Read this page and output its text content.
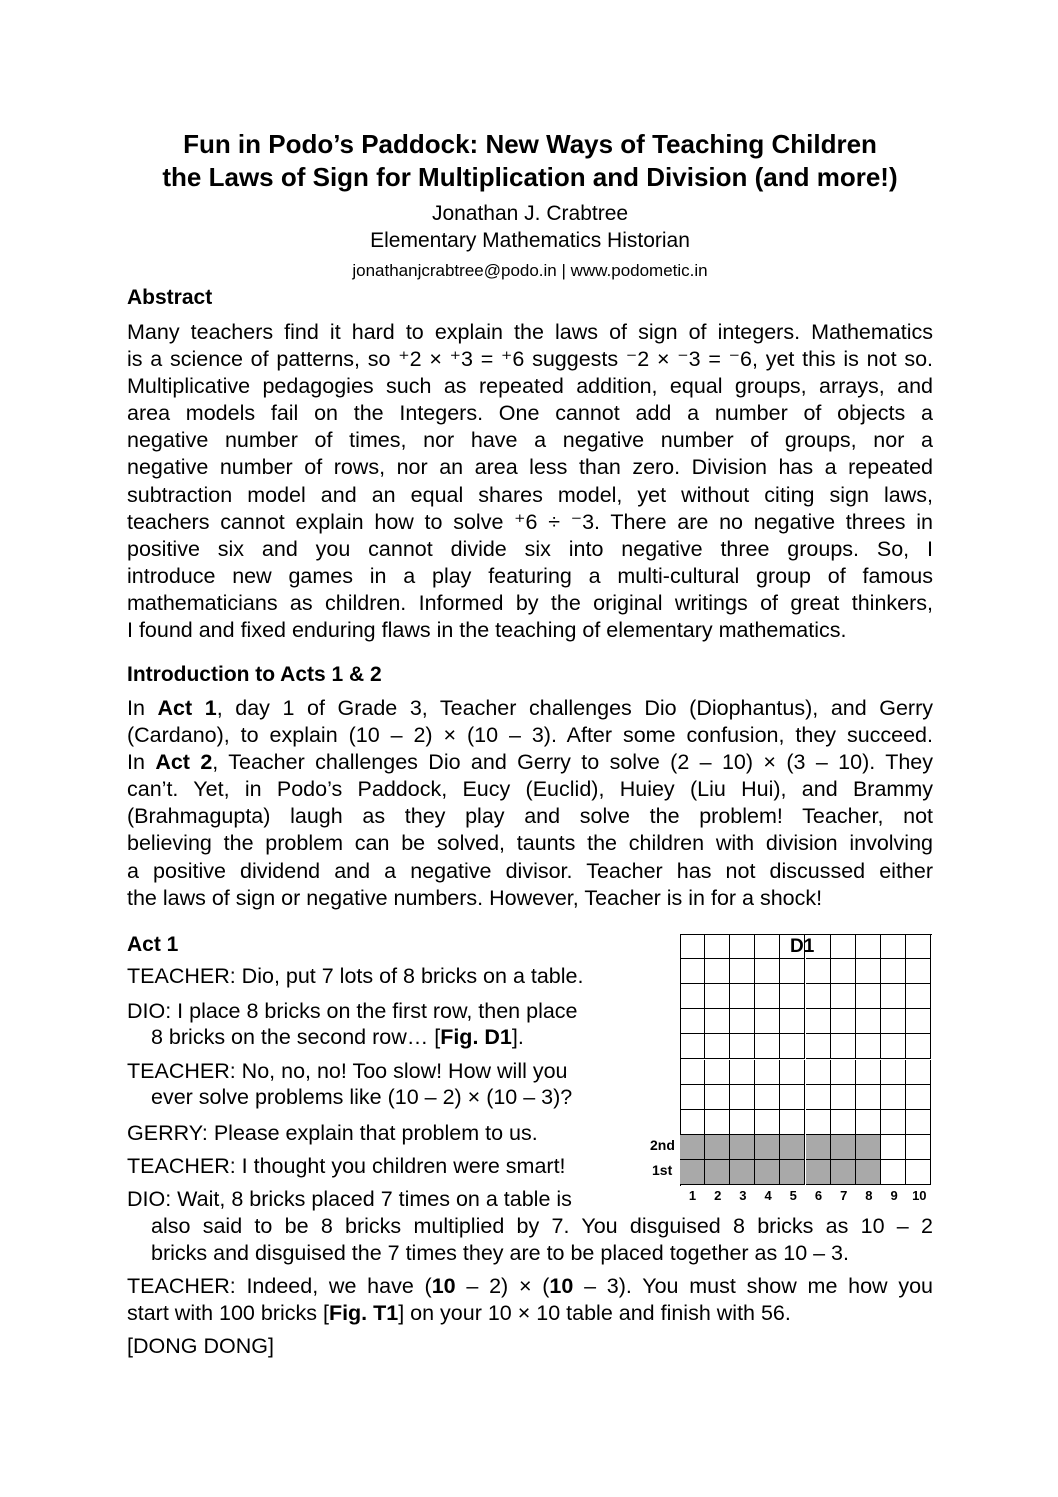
Fun in Podo’s Paddock: New Ways of Teaching Children
the Laws of Sign for Multiplication and Division (and more!)
Jonathan J. Crabtree
Elementary Mathematics Historian
jonathanjcrabtree@podo.in | www.podometic.in
Abstract
Many teachers find it hard to explain the laws of sign of integers. Mathematics
is a science of patterns, so ⁺2 × ⁺3 = ⁺6 suggests ⁻2 × ⁻3 = ⁻6, yet this is not so.
Multiplicative pedagogies such as repeated addition, equal groups, arrays, and
area models fail on the Integers. One cannot add a number of objects a
negative number of times, nor have a negative number of groups, nor a
negative number of rows, nor an area less than zero. Division has a repeated
subtraction model and an equal shares model, yet without citing sign laws,
teachers cannot explain how to solve ⁺6 ÷ ⁻3. There are no negative threes in
positive six and you cannot divide six into negative three groups. So, I
introduce new games in a play featuring a multi-cultural group of famous
mathematicians as children. Informed by the original writings of great thinkers,
I found and fixed enduring flaws in the teaching of elementary mathematics.
Introduction to Acts 1 & 2
In Act 1, day 1 of Grade 3, Teacher challenges Dio (Diophantus), and Gerry
(Cardano), to explain (10 – 2) × (10 – 3). After some confusion, they succeed.
In Act 2, Teacher challenges Dio and Gerry to solve (2 – 10) × (3 – 10). They
can’t. Yet, in Podo’s Paddock, Eucy (Euclid), Huiey (Liu Hui), and Brammy
(Brahmagupta) laugh as they play and solve the problem! Teacher, not
believing the problem can be solved, taunts the children with division involving
a positive dividend and a negative divisor. Teacher has not discussed either
the laws of sign or negative numbers. However, Teacher is in for a shock!
Act 1
TEACHER: Dio, put 7 lots of 8 bricks on a table.
DIO: I place 8 bricks on the first row, then place
8 bricks on the second row… [Fig. D1].
TEACHER: No, no, no! Too slow! How will you
ever solve problems like (10 – 2) × (10 – 3)?
GERRY: Please explain that problem to us.
TEACHER: I thought you children were smart!
DIO: Wait, 8 bricks placed 7 times on a table is
also said to be 8 bricks multiplied by 7. You disguised 8 bricks as 10 – 2
bricks and disguised the 7 times they are to be placed together as 10 – 3.
TEACHER: Indeed, we have (10 – 2) × (10 – 3). You must show me how you
start with 100 bricks [Fig. T1] on your 10 × 10 table and finish with 56.
[DONG DONG]
D1
2nd
1st
1	2	3	4	5	6	7	8	9	10
